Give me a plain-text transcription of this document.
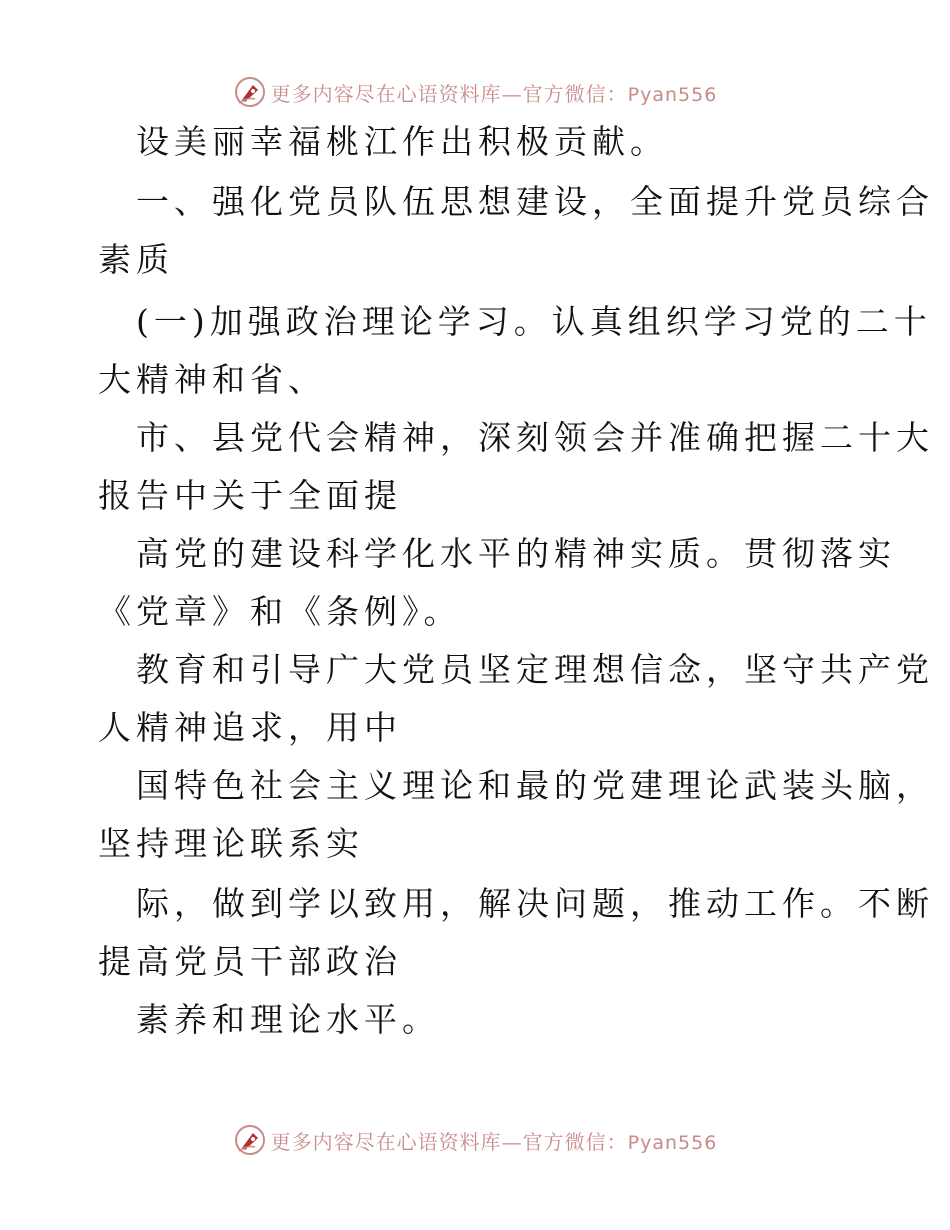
更多内容尽在心语资料库—官方微信：Pyan556
设美丽幸福桃江作出积极贡献。
一、强化党员队伍思想建设，全面提升党员综合
素质
(一)加强政治理论学习。认真组织学习党的二十
大精神和省、
市、县党代会精神，深刻领会并准确把握二十大
报告中关于全面提
高党的建设科学化水平的精神实质。贯彻落实
《党章》和《条例》。
教育和引导广大党员坚定理想信念，坚守共产党
人精神追求，用中
国特色社会主义理论和最的党建理论武装头脑，
坚持理论联系实
际，做到学以致用，解决问题，推动工作。不断
提高党员干部政治
素养和理论水平。
更多内容尽在心语资料库—官方微信：Pyan556
